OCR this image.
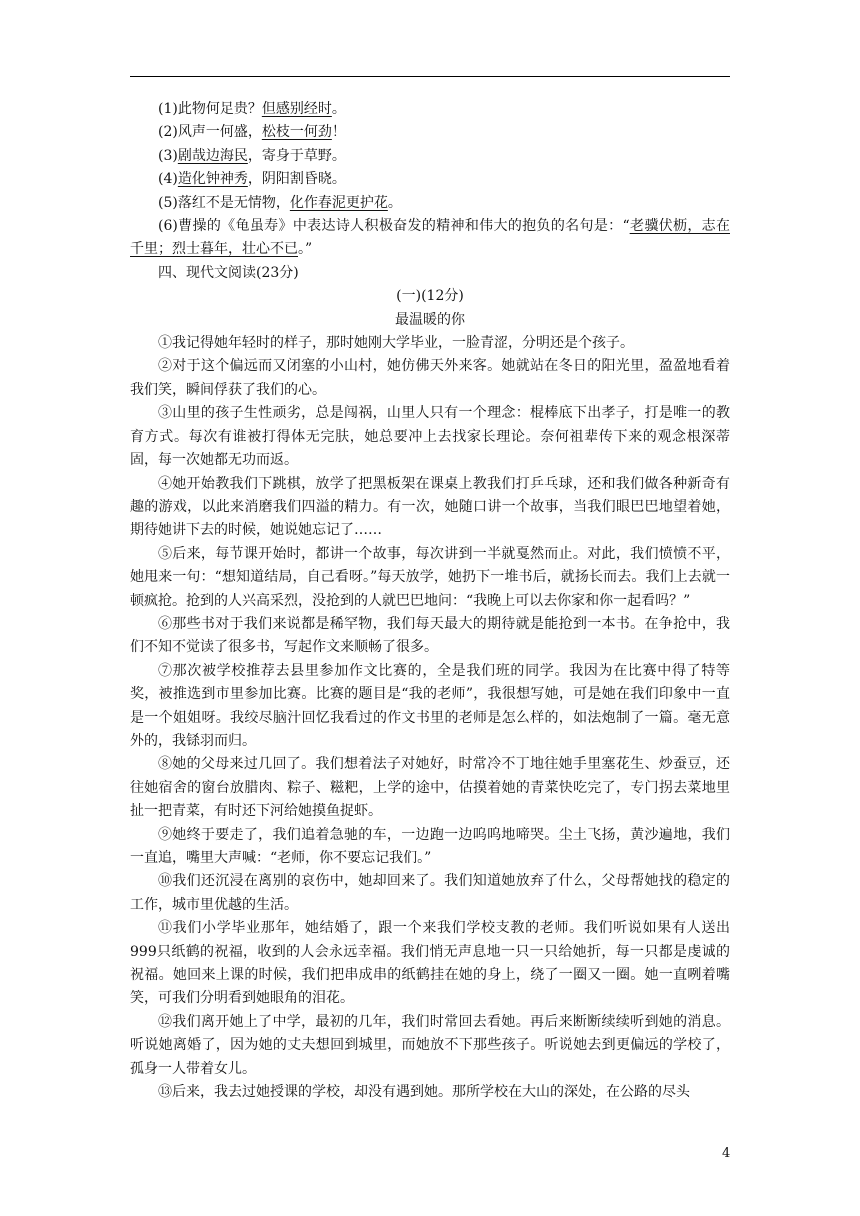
(1)此物何足贵？但感别经时。

(2)风声一何盛，松枝一何劲！

(3)剧哉边海民，寄身于草野。

(4)造化钟神秀，阴阳割昏晓。

(5)落红不是无情物，化作春泥更护花。

(6)曹操的《龟虽寿》中表达诗人积极奋发的精神和伟大的抱负的名句是：“老骥伏枥，志在千里；烈士暮年，壮心不已。”

四、现代文阅读(23分)

(一)(12分)

最温暖的你

①我记得她年轻时的样子，那时她刚大学毕业，一脸青涩，分明还是个孩子。

②对于这个偏远而又闭塞的小山村，她仿佛天外来客。她就站在冬日的阳光里，盈盈地看着我们笑，瞬间俘获了我们的心。

③山里的孩子生性顽劣，总是闯祸，山里人只有一个理念：棍棒底下出孝子，打是唯一的教育方式。每次有谁被打得体无完肤，她总要冲上去找家长理论。奈何祖辈传下来的观念根深蒂固，每一次她都无功而返。

④她开始教我们下跳棋，放学了把黑板架在课桌上教我们打乒乓球，还和我们做各种新奇有趣的游戏，以此来消磨我们四溢的精力。有一次，她随口讲一个故事，当我们眼巴巴地望着她，期待她讲下去的时候，她说她忘记了……

⑤后来，每节课开始时，都讲一个故事，每次讲到一半就戛然而止。对此，我们愤愤不平，她甩来一句：“想知道结局，自己看呀。”每天放学，她扔下一堆书后，就扬长而去。我们上去就一顿疯抢。抢到的人兴高采烈，没抢到的人就巴巴地问：“我晚上可以去你家和你一起看吗？”

⑥那些书对于我们来说都是稀罕物，我们每天最大的期待就是能抢到一本书。在争抢中，我们不知不觉读了很多书，写起作文来顺畅了很多。

⑦那次被学校推荐去县里参加作文比赛的，全是我们班的同学。我因为在比赛中得了特等奖，被推选到市里参加比赛。比赛的题目是“我的老师”，我很想写她，可是她在我们印象中一直是一个姐姐呀。我绞尽脑汁回忆我看过的作文书里的老师是怎么样的，如法炮制了一篇。毫无意外的，我铩羽而归。

⑧她的父母来过几回了。我们想着法子对她好，时常冷不丁地往她手里塞花生、炒蚕豆，还往她宿舍的窗台放腊肉、粽子、糍粑，上学的途中，估摸着她的青菜快吃完了，专门拐去菜地里扯一把青菜，有时还下河给她摸鱼捉虾。

⑨她终于要走了，我们追着急驰的车，一边跑一边呜呜地啼哭。尘土飞扬，黄沙遍地，我们一直追，嘴里大声喊：“老师，你不要忘记我们。”

⑩我们还沉浸在离别的哀伤中，她却回来了。我们知道她放弃了什么，父母帮她找的稳定的工作，城市里优越的生活。

⑪我们小学毕业那年，她结婚了，跟一个来我们学校支教的老师。我们听说如果有人送出999只纸鹤的祝福，收到的人会永远幸福。我们悄无声息地一只一只给她折，每一只都是虔诚的祝福。她回来上课的时候，我们把串成串的纸鹤挂在她的身上，绕了一圈又一圈。她一直咧着嘴笑，可我们分明看到她眼角的泪花。

⑫我们离开她上了中学，最初的几年，我们时常回去看她。再后来断断续续听到她的消息。听说她离婚了，因为她的丈夫想回到城里，而她放不下那些孩子。听说她去到更偏远的学校了，孤身一人带着女儿。

⑬后来，我去过她授课的学校，却没有遇到她。那所学校在大山的深处，在公路的尽头

4
